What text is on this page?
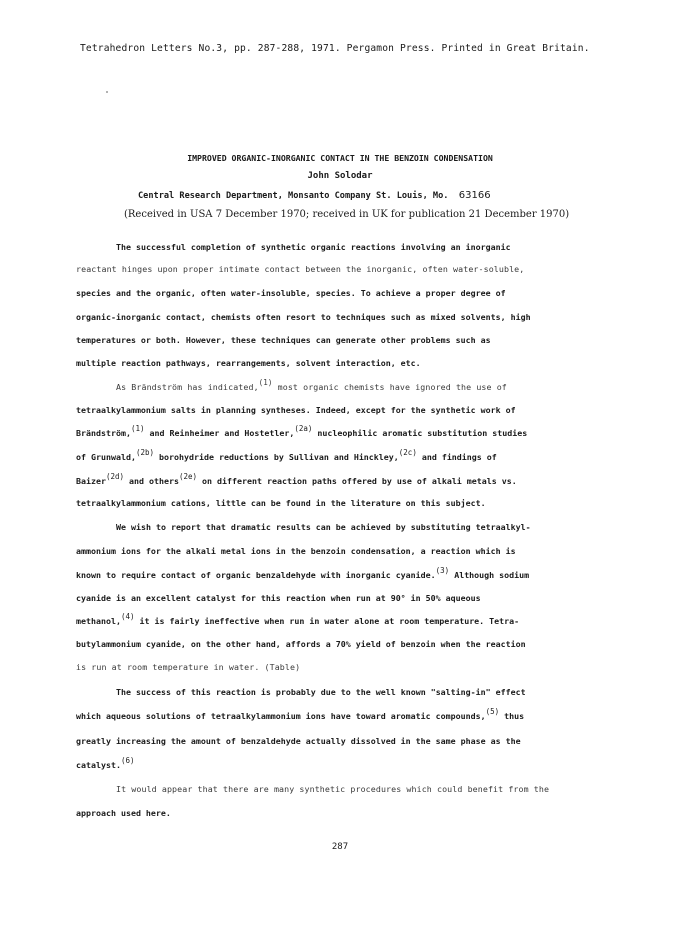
Tetrahedron Letters No.3, pp. 287-288, 1971. Pergamon Press. Printed in Great Britain.
IMPROVED ORGANIC-INORGANIC CONTACT IN THE BENZOIN CONDENSATION
John Solodar
Central Research Department, Monsanto Company St. Louis, Mo. 63166
(Received in USA 7 December 1970; received in UK for publication 21 December 1970)
The successful completion of synthetic organic reactions involving an inorganic
reactant hinges upon proper intimate contact between the inorganic, often water-soluble,
species and the organic, often water-insoluble, species. To achieve a proper degree of
organic-inorganic contact, chemists often resort to techniques such as mixed solvents, high
temperatures or both. However, these techniques can generate other problems such as
multiple reaction pathways, rearrangements, solvent interaction, etc.
As Brändström has indicated,$^{(1)}$ most organic chemists have ignored the use of
tetraalkylammonium salts in planning syntheses. Indeed, except for the synthetic work of
Brändström,$^{(1)}$ and Reinheimer and Hostetler,$^{(2a)}$ nucleophilic aromatic substitution studies
of Grunwald,$^{(2b)}$ borohydride reductions by Sullivan and Hinckley,$^{(2c)}$ and findings of
Baizer$^{(2d)}$ and others$^{(2e)}$ on different reaction paths offered by use of alkali metals vs.
tetraalkylammonium cations, little can be found in the literature on this subject.
We wish to report that dramatic results can be achieved by substituting tetraalkyl-
ammonium ions for the alkali metal ions in the benzoin condensation, a reaction which is
known to require contact of organic benzaldehyde with inorganic cyanide.$^{(3)}$ Although sodium
cyanide is an excellent catalyst for this reaction when run at 90° in 50% aqueous
methanol,$^{(4)}$ it is fairly ineffective when run in water alone at room temperature. Tetra-
butylammonium cyanide, on the other hand, affords a 70% yield of benzoin when the reaction
is run at room temperature in water. (Table)
The success of this reaction is probably due to the well known "salting-in" effect
which aqueous solutions of tetraalkylammonium ions have toward aromatic compounds,$^{(5)}$ thus
greatly increasing the amount of benzaldehyde actually dissolved in the same phase as the
catalyst.$^{(6)}$
It would appear that there are many synthetic procedures which could benefit from the
approach used here.
287
